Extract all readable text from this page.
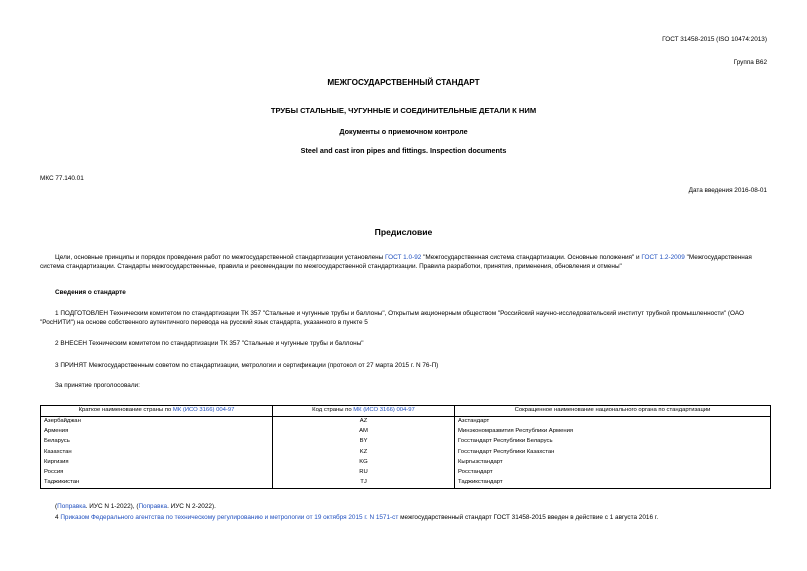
ГОСТ 31458-2015 (ISO 10474:2013)
Группа В62
МЕЖГОСУДАРСТВЕННЫЙ СТАНДАРТ
ТРУБЫ СТАЛЬНЫЕ, ЧУГУННЫЕ И СОЕДИНИТЕЛЬНЫЕ ДЕТАЛИ К НИМ
Документы о приемочном контроле
Steel and cast iron pipes and fittings. Inspection documents
МКС 77.140.01
Дата введения 2016-08-01
Предисловие

Цели, основные принципы и порядок проведения работ по межгосударственной стандартизации установлены ГОСТ 1.0-92 "Межгосударственная система стандартизации. Основные положения" и ГОСТ 1.2-2009 "Межгосударственная система стандартизации. Стандарты межгосударственные, правила и рекомендации по межгосударственной стандартизации. Правила разработки, принятия, применения, обновления и отмены"

Сведения о стандарте

1 ПОДГОТОВЛЕН Техническим комитетом по стандартизации ТК 357 "Стальные и чугунные трубы и баллоны", Открытым акционерным обществом "Российский научно-исследовательский институт трубной промышленности" (ОАО "РосНИТИ") на основе собственного аутентичного перевода на русский язык стандарта, указанного в пункте 5

2 ВНЕСЕН Техническим комитетом по стандартизации ТК 357 "Стальные и чугунные трубы и баллоны"
3 ПРИНЯТ Межгосударственным советом по стандартизации, метрологии и сертификации (протокол от 27 марта 2015 г. N 76-П)
За принятие проголосовали:
Краткое наименование страны по МК (ИСО 3166) 004-97	Код страны по МК (ИСО 3166) 004-97	Сокращенное наименование национального органа по стандартизации
Азербайджан	AZ	Азстандарт
Армения	AM	Минэкономразвития Республики Армения
Беларусь	BY	Госстандарт Республики Беларусь
Казахстан	KZ	Госстандарт Республики Казахстан
Киргизия	KG	Кыргызстандарт
Россия	RU	Росстандарт
Таджикистан	TJ	Таджикстандарт
(Поправка. ИУС N 1-2022), (Поправка. ИУС N 2-2022).
4 Приказом Федерального агентства по техническому регулированию и метрологии от 19 октября 2015 г. N 1571-ст межгосударственный стандарт ГОСТ 31458-2015 введен в действие с 1 августа 2016 г.
